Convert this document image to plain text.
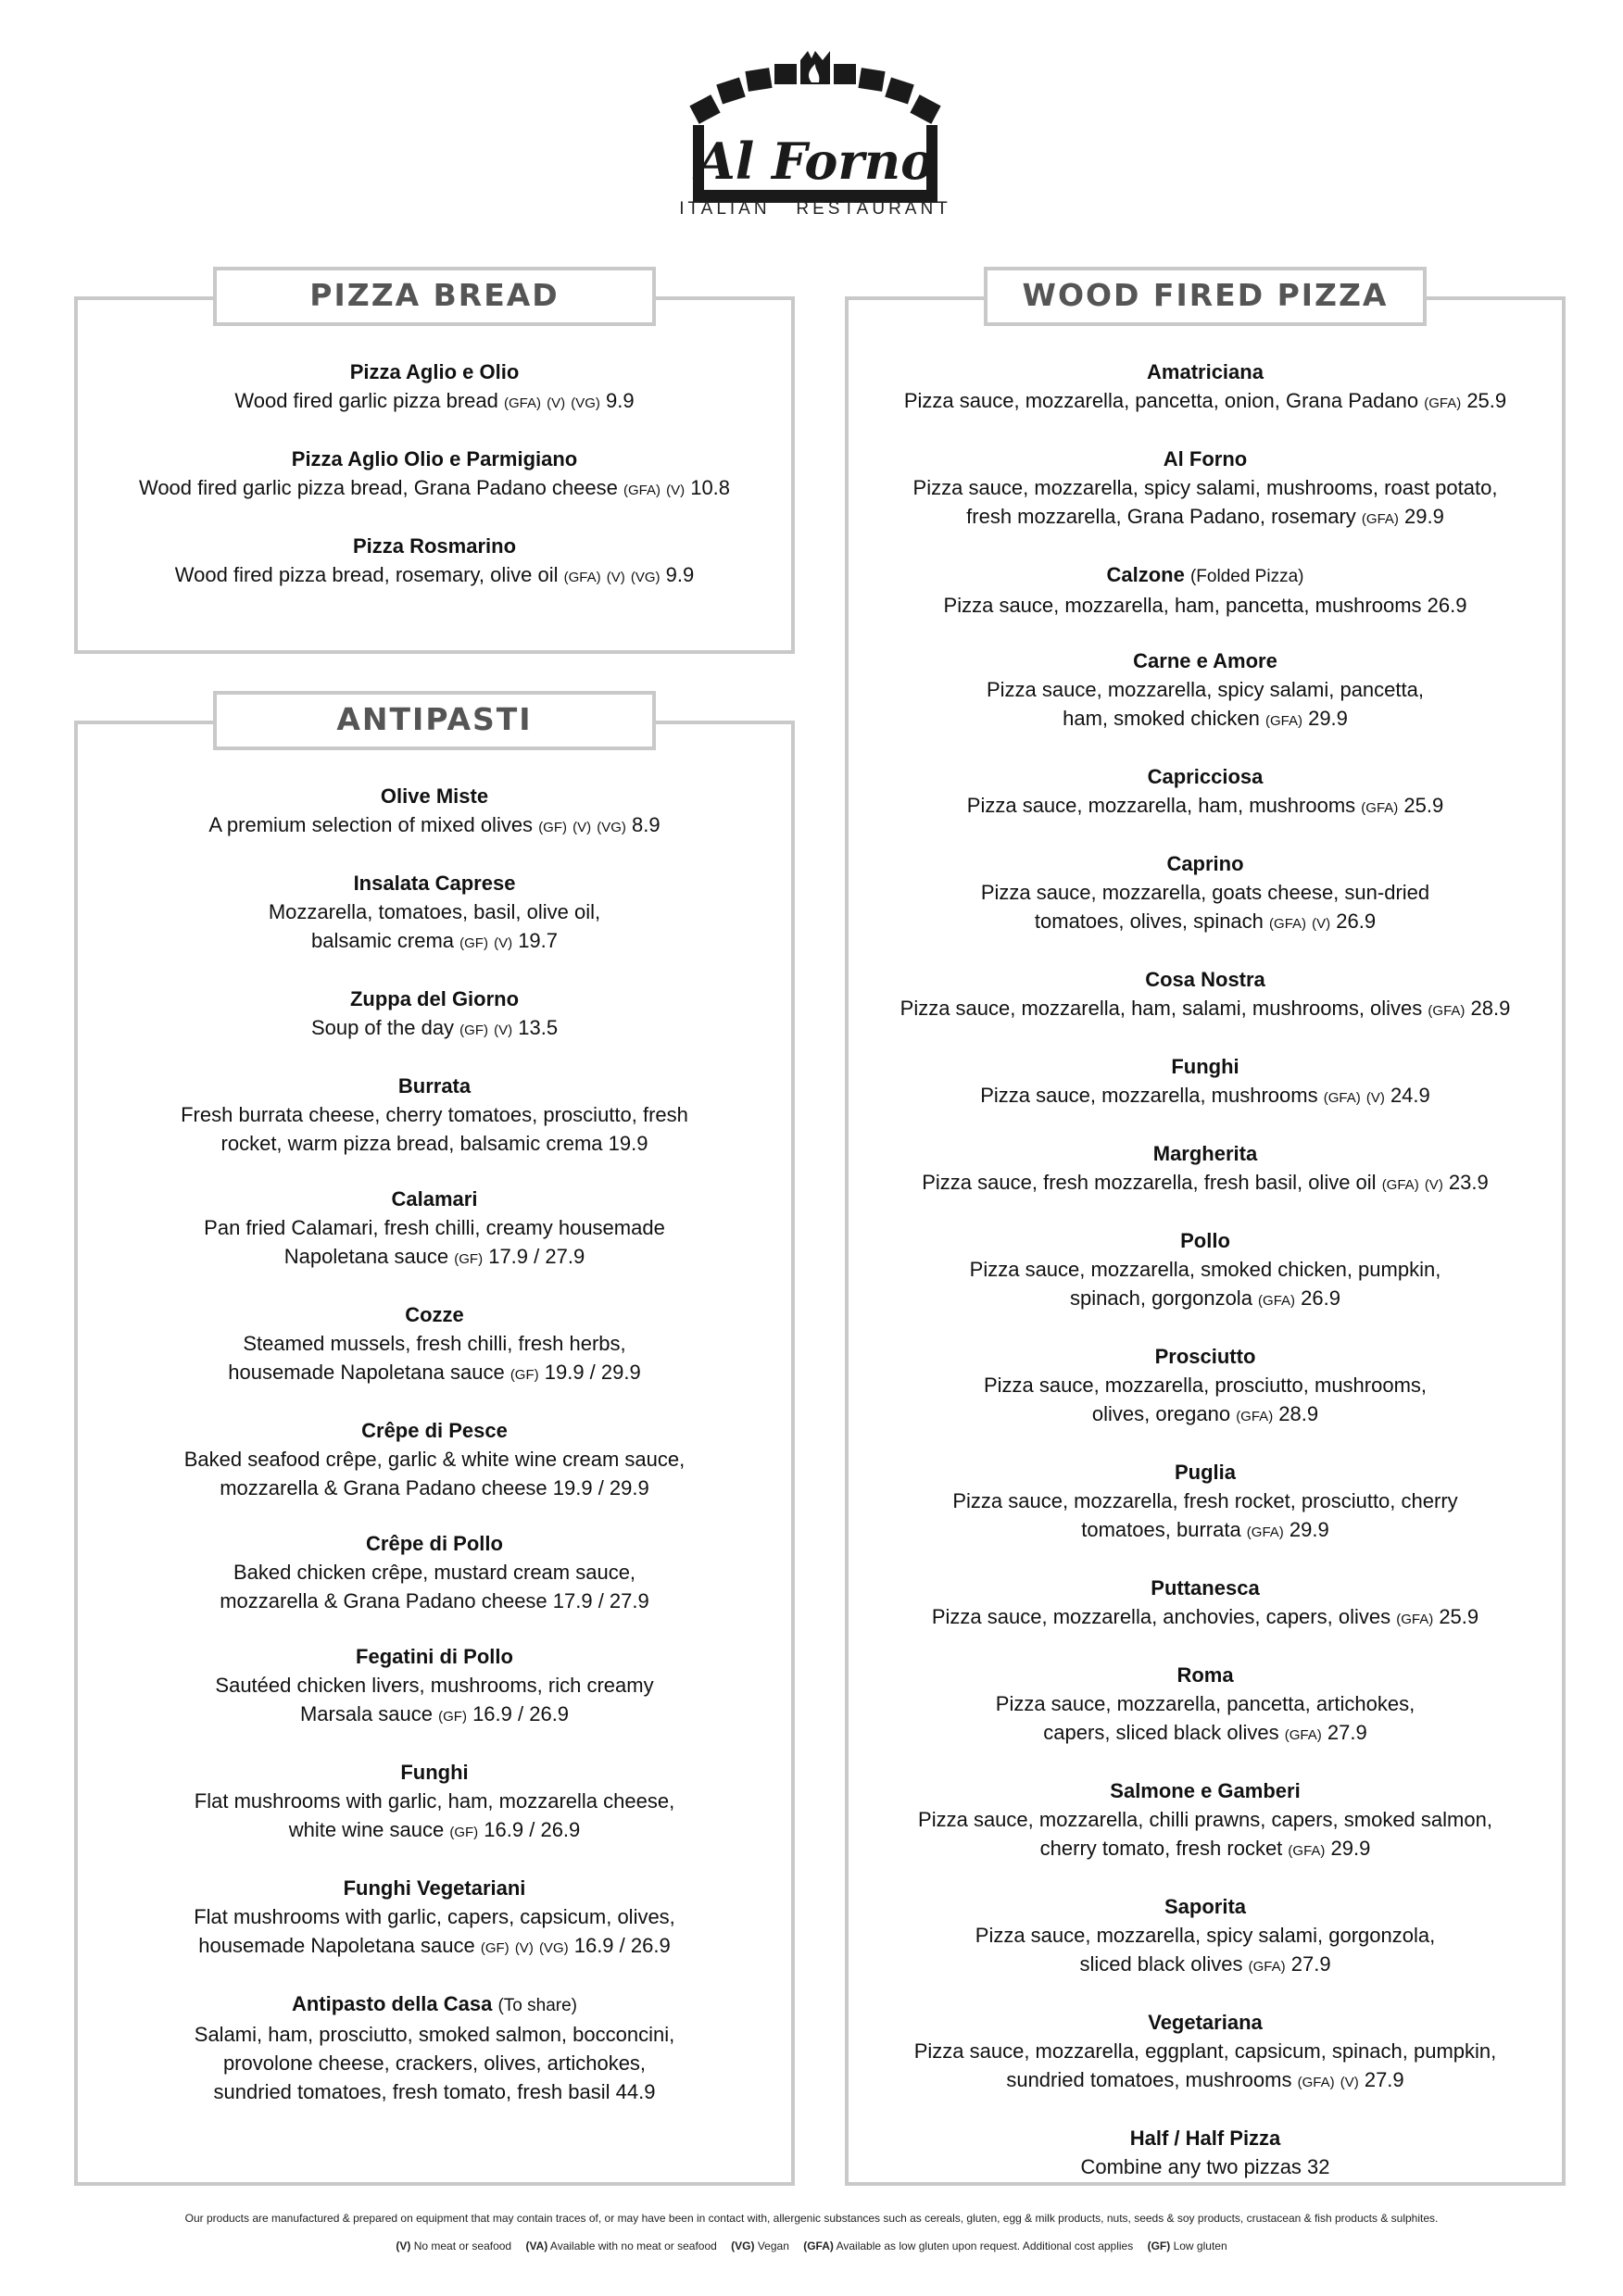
Al Forno
ITALIAN   RESTAURANT
Pizza Aglio e Olio
Wood fired garlic pizza bread (GFA) (V) (VG) 9.9
Pizza Aglio Olio e Parmigiano
Wood fired garlic pizza bread, Grana Padano cheese (GFA) (V) 10.8
Pizza Rosmarino
Wood fired pizza bread, rosemary, olive oil (GFA) (V) (VG) 9.9
PIZZA BREAD
Olive Miste
A premium selection of mixed olives (GF) (V) (VG) 8.9
Insalata Caprese
Mozzarella, tomatoes, basil, olive oil,
balsamic crema (GF) (V) 19.7
Zuppa del Giorno
Soup of the day (GF) (V) 13.5
Burrata
Fresh burrata cheese, cherry tomatoes, prosciutto, fresh
rocket, warm pizza bread, balsamic crema 19.9
Calamari
Pan fried Calamari, fresh chilli, creamy housemade
Napoletana sauce (GF) 17.9 / 27.9
Cozze
Steamed mussels, fresh chilli, fresh herbs,
housemade Napoletana sauce (GF) 19.9 / 29.9
Crêpe di Pesce
Baked seafood crêpe, garlic & white wine cream sauce,
mozzarella & Grana Padano cheese 19.9 / 29.9
Crêpe di Pollo
Baked chicken crêpe, mustard cream sauce,
mozzarella & Grana Padano cheese 17.9 / 27.9
Fegatini di Pollo
Sautéed chicken livers, mushrooms, rich creamy
Marsala sauce (GF) 16.9 / 26.9
Funghi
Flat mushrooms with garlic, ham, mozzarella cheese,
white wine sauce (GF) 16.9 / 26.9
Funghi Vegetariani
Flat mushrooms with garlic, capers, capsicum, olives,
housemade Napoletana sauce (GF) (V) (VG) 16.9 / 26.9
Antipasto della Casa (To share)
Salami, ham, prosciutto, smoked salmon, bocconcini,
provolone cheese, crackers, olives, artichokes,
sundried tomatoes, fresh tomato, fresh basil 44.9
ANTIPASTI
Amatriciana
Pizza sauce, mozzarella, pancetta, onion, Grana Padano (GFA) 25.9
Al Forno
Pizza sauce, mozzarella, spicy salami, mushrooms, roast potato,
fresh mozzarella, Grana Padano, rosemary (GFA) 29.9
Calzone (Folded Pizza)
Pizza sauce, mozzarella, ham, pancetta, mushrooms 26.9
Carne e Amore
Pizza sauce, mozzarella, spicy salami, pancetta,
ham, smoked chicken (GFA) 29.9
Capricciosa
Pizza sauce, mozzarella, ham, mushrooms (GFA) 25.9
Caprino
Pizza sauce, mozzarella, goats cheese, sun-dried
tomatoes, olives, spinach (GFA) (V) 26.9
Cosa Nostra
Pizza sauce, mozzarella, ham, salami, mushrooms, olives (GFA) 28.9
Funghi
Pizza sauce, mozzarella, mushrooms (GFA) (V) 24.9
Margherita
Pizza sauce, fresh mozzarella, fresh basil, olive oil (GFA) (V) 23.9
Pollo
Pizza sauce, mozzarella, smoked chicken, pumpkin,
spinach, gorgonzola (GFA) 26.9
Prosciutto
Pizza sauce, mozzarella, prosciutto, mushrooms,
olives, oregano (GFA) 28.9
Puglia
Pizza sauce, mozzarella, fresh rocket, prosciutto, cherry
tomatoes, burrata (GFA) 29.9
Puttanesca
Pizza sauce, mozzarella, anchovies, capers, olives (GFA) 25.9
Roma
Pizza sauce, mozzarella, pancetta, artichokes,
capers, sliced black olives (GFA) 27.9
Salmone e Gamberi
Pizza sauce, mozzarella, chilli prawns, capers, smoked salmon,
cherry tomato, fresh rocket (GFA) 29.9
Saporita
Pizza sauce, mozzarella, spicy salami, gorgonzola,
sliced black olives (GFA) 27.9
Vegetariana
Pizza sauce, mozzarella, eggplant, capsicum, spinach, pumpkin,
sundried tomatoes, mushrooms (GFA) (V) 27.9
Half / Half Pizza
Combine any two pizzas 32
WOOD FIRED PIZZA
Our products are manufactured & prepared on equipment that may contain traces of, or may have been in contact with, allergenic substances such as cereals, gluten, egg & milk products, nuts, seeds & soy products, crustacean & fish products & sulphites.
(V) No meat or seafood (VA) Available with no meat or seafood (VG) Vegan (GFA) Available as low gluten upon request. Additional cost applies (GF) Low gluten
